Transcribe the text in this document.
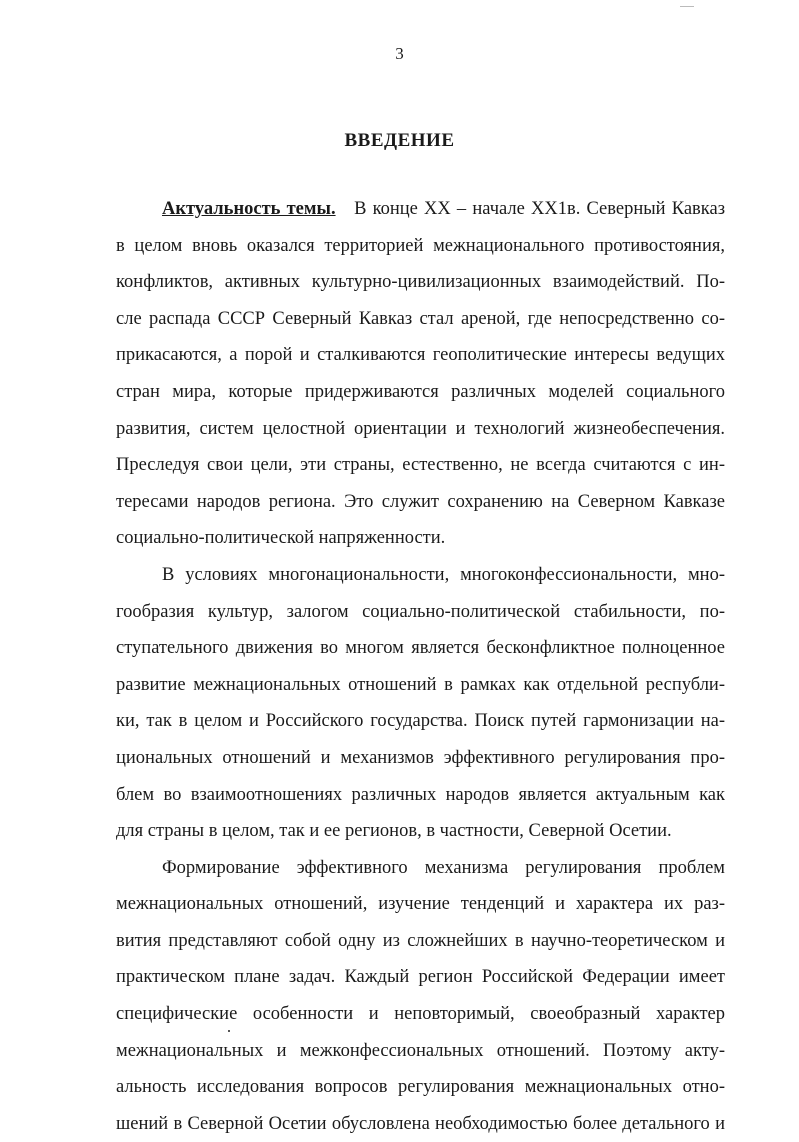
3
ВВЕДЕНИЕ
Актуальность темы. В конце XX – начале XX1в. Северный Кавказ
в целом вновь оказался территорией межнационального противостояния,
конфликтов, активных культурно-цивилизационных взаимодействий. По-
сле распада СССР Северный Кавказ стал ареной, где непосредственно со-
прикасаются, а порой и сталкиваются геополитические интересы ведущих
стран мира, которые придерживаются различных моделей социального
развития, систем целостной ориентации и технологий жизнеобеспечения.
Преследуя свои цели, эти страны, естественно, не всегда считаются с ин-
тересами народов региона. Это служит сохранению на Северном Кавказе
социально-политической напряженности.
В условиях многонациональности, многоконфессиональности, мно-
гообразия культур, залогом социально-политической стабильности, по-
ступательного движения во многом является бесконфликтное полноценное
развитие межнациональных отношений в рамках как отдельной республи-
ки, так в целом и Российского государства. Поиск путей гармонизации на-
циональных отношений и механизмов эффективного регулирования про-
блем во взаимоотношениях различных народов является актуальным как
для страны в целом, так и ее регионов, в частности, Северной Осетии.
Формирование эффективного механизма регулирования проблем
межнациональных отношений, изучение тенденций и характера их раз-
вития представляют собой одну из сложнейших в научно-теоретическом и
практическом плане задач. Каждый регион Российской Федерации имеет
специфические особенности и неповторимый, своеобразный характер
межнациональных и межконфессиональных отношений. Поэтому акту-
альность исследования вопросов регулирования межнациональных отно-
шений в Северной Осетии обусловлена необходимостью более детального и
